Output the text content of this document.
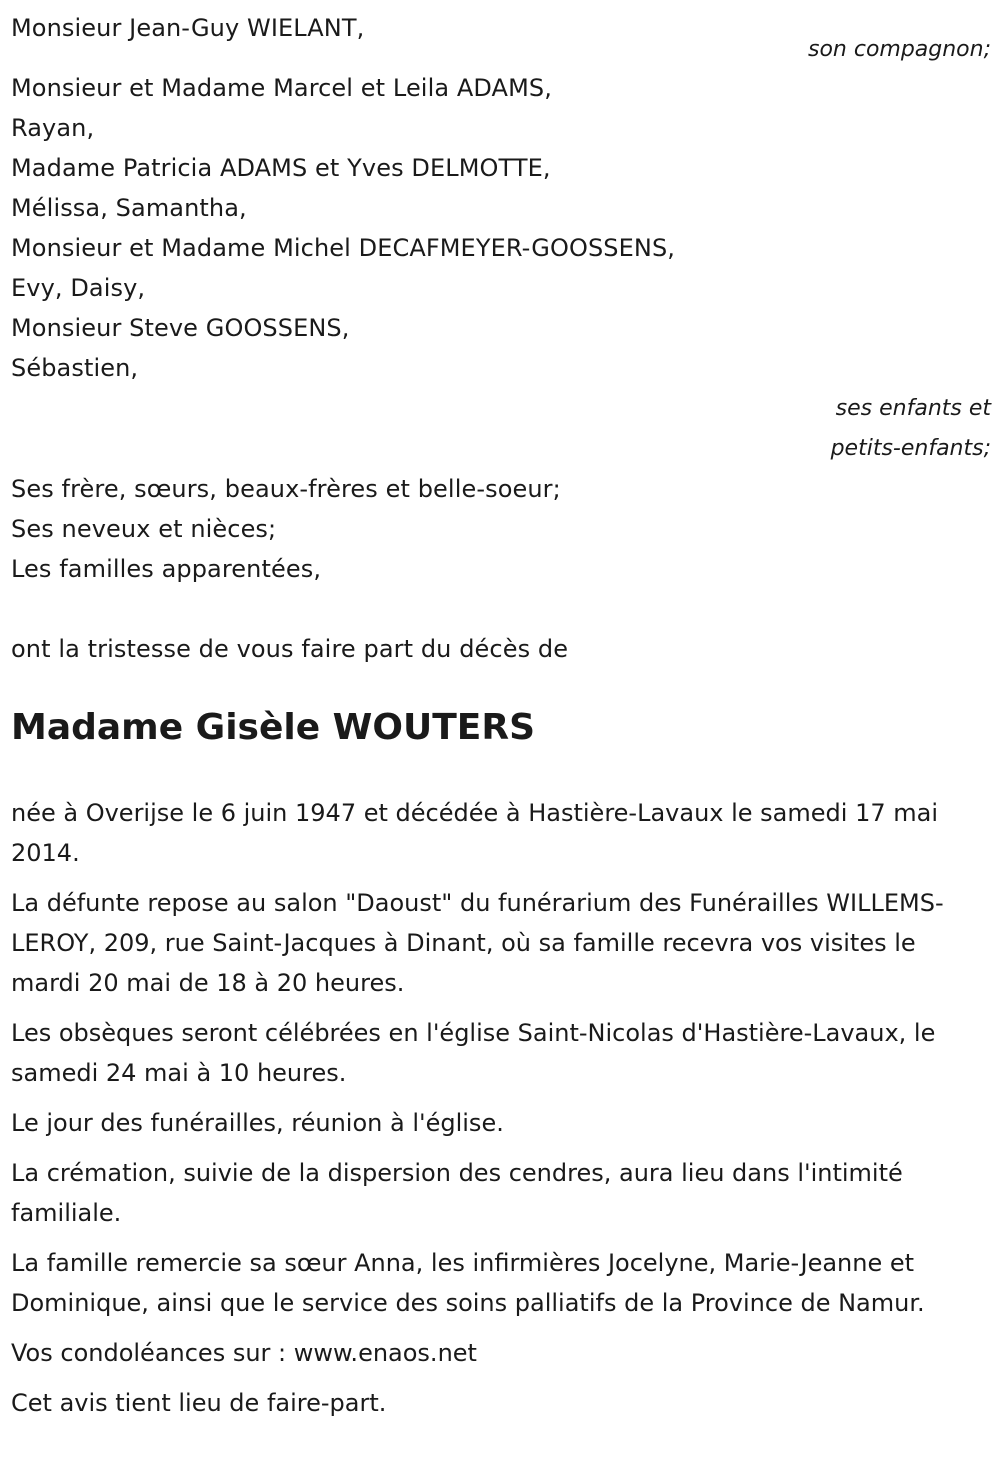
Monsieur Jean-Guy WIELANT,
son compagnon;
Monsieur et Madame Marcel et Leila ADAMS,
Rayan,
Madame Patricia ADAMS et Yves DELMOTTE,
Mélissa, Samantha,
Monsieur et Madame Michel DECAFMEYER-GOOSSENS,
Evy, Daisy,
Monsieur Steve GOOSSENS,
Sébastien,
ses enfants et
petits-enfants;
Ses frère, sœurs, beaux-frères et belle-soeur;
Ses neveux et nièces;
Les familles apparentées,
ont la tristesse de vous faire part du décès de
Madame Gisèle WOUTERS
née à Overijse le 6 juin 1947 et décédée à Hastière-Lavaux le samedi 17 mai 2014.
La défunte repose au salon "Daoust" du funérarium des Funérailles WILLEMS-LEROY, 209, rue Saint-Jacques à Dinant, où sa famille recevra vos visites le mardi 20 mai de 18 à 20 heures.
Les obsèques seront célébrées en l'église Saint-Nicolas d'Hastière-Lavaux, le samedi 24 mai à 10 heures.
Le jour des funérailles, réunion à l'église.
La crémation, suivie de la dispersion des cendres, aura lieu dans l'intimité familiale.
La famille remercie sa sœur Anna, les infirmières Jocelyne, Marie-Jeanne et Dominique, ainsi que le service des soins palliatifs de la Province de Namur.
Vos condoléances sur : www.enaos.net
Cet avis tient lieu de faire-part.
